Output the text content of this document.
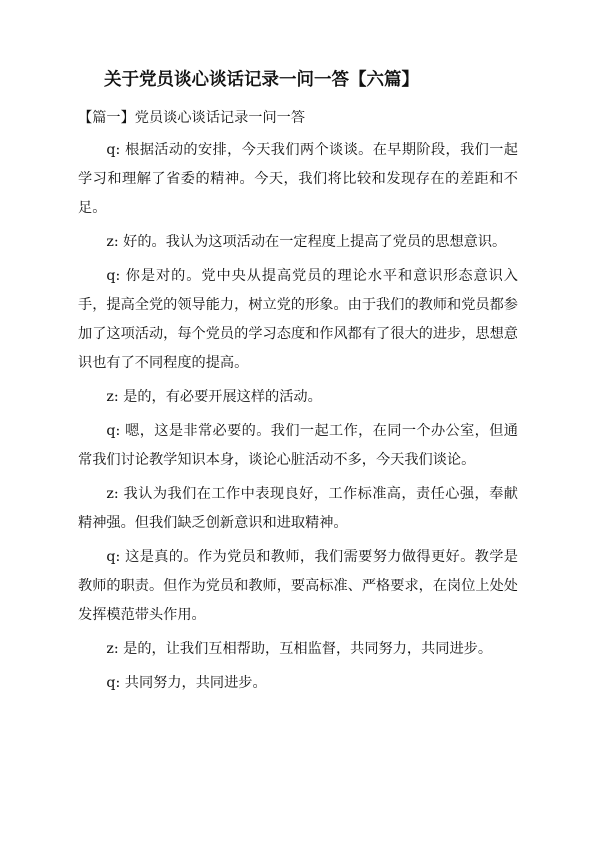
关于党员谈心谈话记录一问一答【六篇】
【篇一】党员谈心谈话记录一问一答

q: 根据活动的安排，今天我们两个谈谈。在早期阶段，我们一起学习和理解了省委的精神。今天，我们将比较和发现存在的差距和不足。

z: 好的。我认为这项活动在一定程度上提高了党员的思想意识。

q: 你是对的。党中央从提高党员的理论水平和意识形态意识入手，提高全党的领导能力，树立党的形象。由于我们的教师和党员都参加了这项活动，每个党员的学习态度和作风都有了很大的进步，思想意识也有了不同程度的提高。

z: 是的，有必要开展这样的活动。

q: 嗯，这是非常必要的。我们一起工作，在同一个办公室，但通常我们讨论教学知识本身，谈论心脏活动不多，今天我们谈论。

z: 我认为我们在工作中表现良好，工作标准高，责任心强，奉献精神强。但我们缺乏创新意识和进取精神。

q: 这是真的。作为党员和教师，我们需要努力做得更好。教学是教师的职责。但作为党员和教师，要高标准、严格要求，在岗位上处处发挥模范带头作用。

z: 是的，让我们互相帮助，互相监督，共同努力，共同进步。

q: 共同努力，共同进步。
